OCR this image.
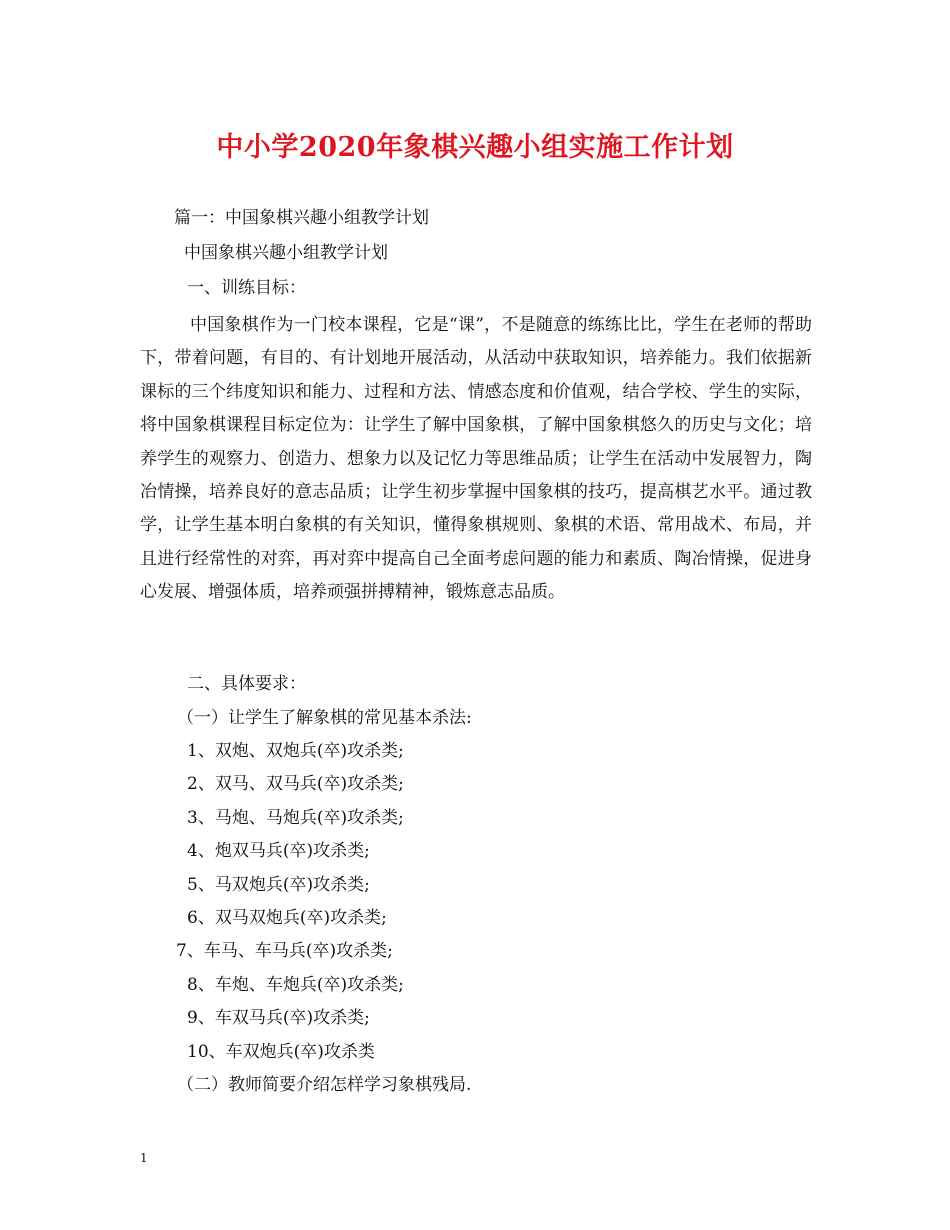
中小学2020年象棋兴趣小组实施工作计划
篇一：中国象棋兴趣小组教学计划
中国象棋兴趣小组教学计划
一、训练目标：
中国象棋作为一门校本课程，它是“课”，不是随意的练练比比，学生在老师的帮助下，带着问题，有目的、有计划地开展活动，从活动中获取知识，培养能力。我们依据新课标的三个纬度知识和能力、过程和方法、情感态度和价值观，结合学校、学生的实际，将中国象棋课程目标定位为：让学生了解中国象棋，了解中国象棋悠久的历史与文化；培养学生的观察力、创造力、想象力以及记忆力等思维品质；让学生在活动中发展智力，陶冶情操，培养良好的意志品质；让学生初步掌握中国象棋的技巧，提高棋艺水平。通过教学，让学生基本明白象棋的有关知识，懂得象棋规则、象棋的术语、常用战术、布局，并且进行经常性的对弈，再对弈中提高自己全面考虑问题的能力和素质、陶冶情操，促进身心发展、增强体质，培养顽强拼搏精神，锻炼意志品质。
二、具体要求：
（一）让学生了解象棋的常见基本杀法:
1、双炮、双炮兵(卒)攻杀类;
2、双马、双马兵(卒)攻杀类;
3、马炮、马炮兵(卒)攻杀类;
4、炮双马兵(卒)攻杀类;
5、马双炮兵(卒)攻杀类;
6、双马双炮兵(卒)攻杀类;
7、车马、车马兵(卒)攻杀类;
8、车炮、车炮兵(卒)攻杀类;
9、车双马兵(卒)攻杀类;
10、车双炮兵(卒)攻杀类
（二）教师简要介绍怎样学习象棋残局.
1
